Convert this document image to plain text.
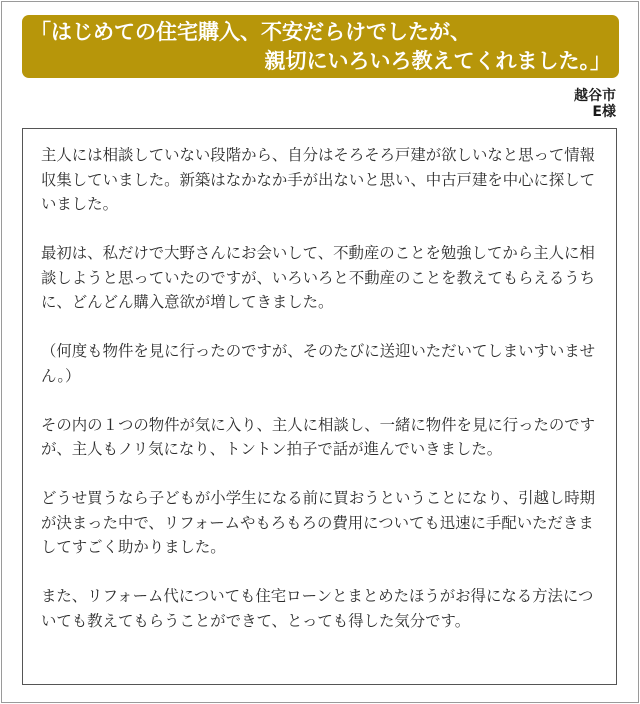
「はじめての住宅購入、不安だらけでしたが、
親切にいろいろ教えてくれました。」
越谷市
E様

主人には相談していない段階から、自分はそろそろ戸建が欲しいなと思って情報収集していました。新築はなかなか手が出ないと思い、中古戸建を中心に探していました。

最初は、私だけで大野さんにお会いして、不動産のことを勉強してから主人に相談しようと思っていたのですが、いろいろと不動産のことを教えてもらえるうちに、どんどん購入意欲が増してきました。

（何度も物件を見に行ったのですが、そのたびに送迎いただいてしまいすいません。）

その内の１つの物件が気に入り、主人に相談し、一緒に物件を見に行ったのですが、主人もノリ気になり、トントン拍子で話が進んでいきました。

どうせ買うなら子どもが小学生になる前に買おうということになり、引越し時期が決まった中で、リフォームやもろもろの費用についても迅速に手配いただきましてすごく助かりました。

また、リフォーム代についても住宅ローンとまとめたほうがお得になる方法についても教えてもらうことができて、とっても得した気分です。
